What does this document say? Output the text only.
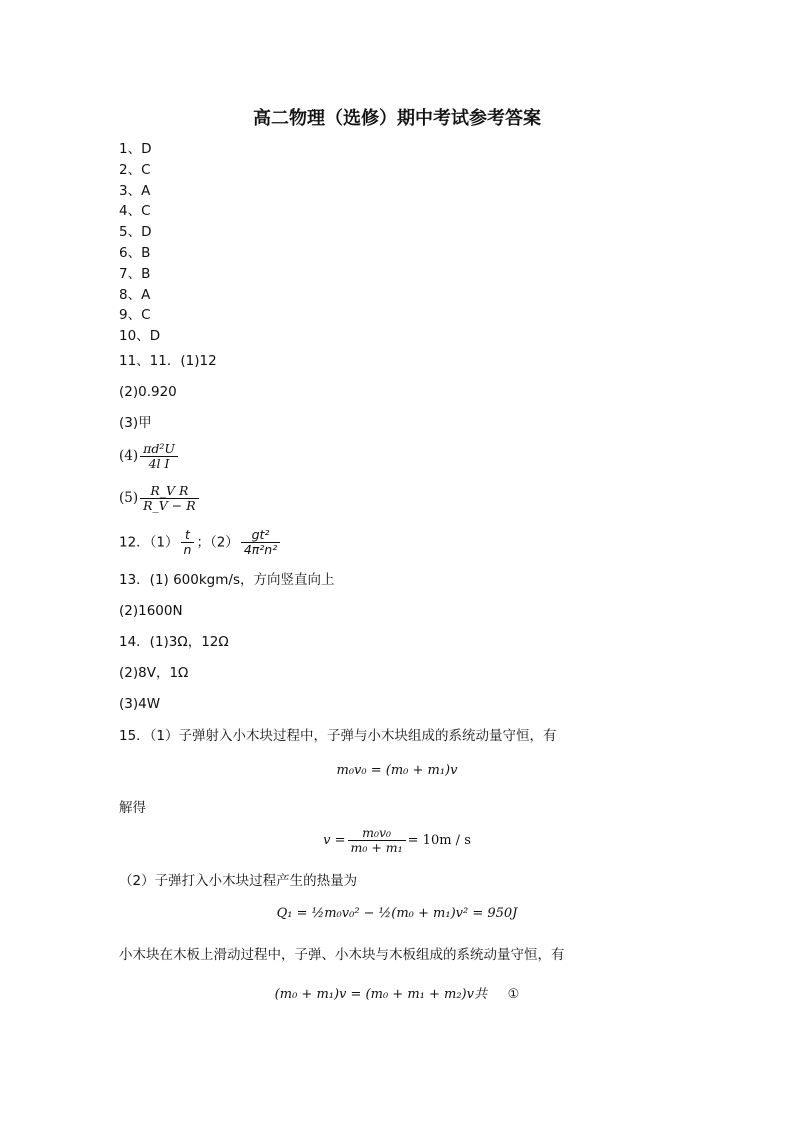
高二物理（选修）期中考试参考答案
1、D
2、C
3、A
4、C
5、D
6、B
7、B
8、A
9、C
10、D
11、11．(1)12
(2)0.920
(3)甲
$(4) \frac{\text{πd²U}}{\text{4l I}}$
$(5) \frac{\text{R\_V R}}{R\_V - R}$
12．$(1) \frac{t}{n}$ ；$(2) \frac{\text{gt²}}{\text{4π²n²}}$
13．(1) 600kgm/s，方向竖直向上
(2)1600N
14．(1)3Ω，12Ω
(2)8V，1Ω
(3)4W
15．（1）子弹射入小木块过程中，子弹与小木块组成的系统动量守恒，有
m₀v₀ = (m₀ + m₁)v
解得
$v = \frac{\text{m₀v₀}}{\text{m₀ + m₁}} = 10m / s$
（2）子弹打入小木块过程产生的热量为
Q₁ = ½m₀v₀² − ½(m₀ + m₁)v² = 950J
小木块在木板上滑动过程中，子弹、小木块与木板组成的系统动量守恒，有
(m₀ + m₁)v = (m₀ + m₁ + m₂)v共 ①
